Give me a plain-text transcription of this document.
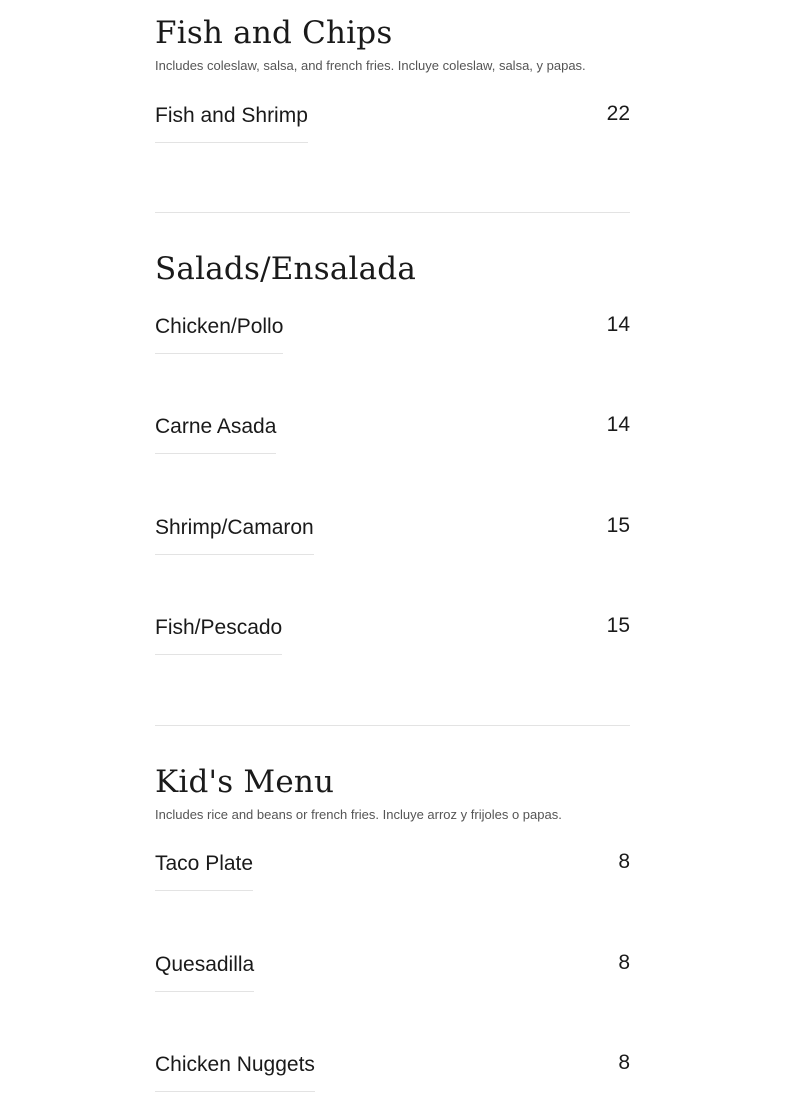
Fish and Chips

Includes coleslaw, salsa, and french fries. Incluye coleslaw, salsa, y papas.

Fish and Shrimp	22
Salads/Ensalada
Chicken/Pollo	14
Carne Asada	14
Shrimp/Camaron	15
Fish/Pescado	15
Kid's Menu

Includes rice and beans or french fries. Incluye arroz y frijoles o papas.

Taco Plate	8
Quesadilla	8
Chicken Nuggets	8
